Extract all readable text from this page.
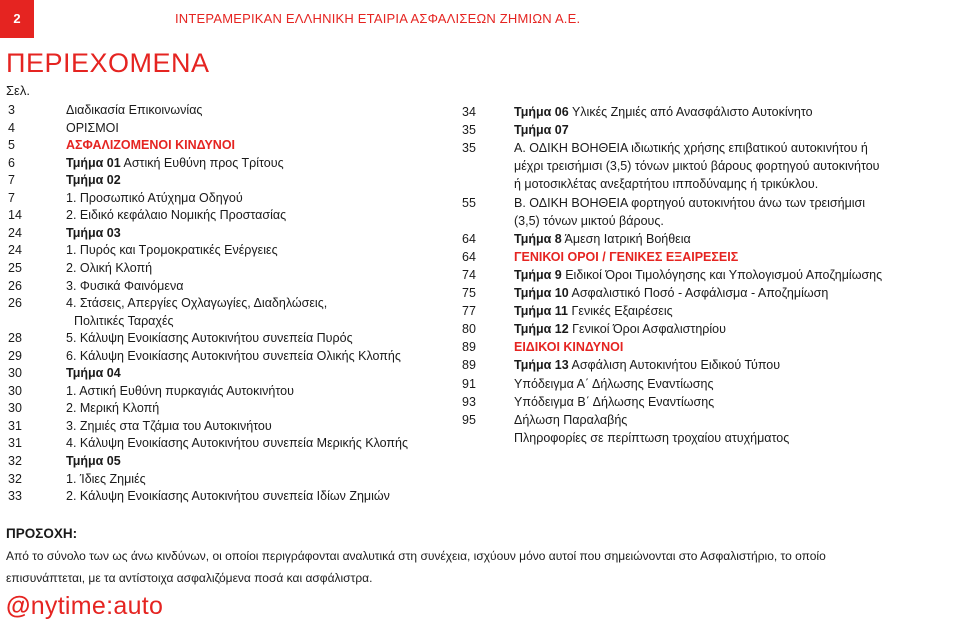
2	ΙΝΤΕΡΑΜΕΡΙΚΑΝ ΕΛΛΗΝΙΚΗ ΕΤΑΙΡΙΑ ΑΣΦΑΛΙΣΕΩΝ ΖΗΜΙΩΝ Α.Ε.
ΠΕΡΙΕΧΟΜΕΝΑ
Σελ.
3	Διαδικασία Επικοινωνίας
4	ΟΡΙΣΜΟΙ
5	ΑΣΦΑΛΙΖΟΜΕΝΟΙ ΚΙΝΔΥΝΟΙ
6	Τμήμα 01 Αστική Ευθύνη προς Τρίτους
7	Τμήμα 02
7	1. Προσωπικό Ατύχημα Οδηγού
14	2. Ειδικό κεφάλαιο Νομικής Προστασίας
24	Τμήμα 03
24	1. Πυρός και Τρομοκρατικές Ενέργειες
25	2. Ολική Κλοπή
26	3. Φυσικά Φαινόμενα
26	4. Στάσεις, Απεργίες Οχλαγωγίες, Διαδηλώσεις,
Πολιτικές Ταραχές
28	5. Κάλυψη Ενοικίασης Αυτοκινήτου συνεπεία Πυρός
29	6. Κάλυψη Ενοικίασης Αυτοκινήτου συνεπεία Ολικής Κλοπής
30	Τμήμα 04
30	1. Αστική Ευθύνη πυρκαγιάς Αυτοκινήτου
30	2. Μερική Κλοπή
31	3. Ζημιές στα Τζάμια του Αυτοκινήτου
31	4. Κάλυψη Ενοικίασης Αυτοκινήτου συνεπεία Μερικής Κλοπής
32	Τμήμα 05
32	1. Ίδιες Ζημιές
33	2. Κάλυψη Ενοικίασης Αυτοκινήτου συνεπεία Ιδίων Ζημιών
34	Τμήμα 06 Υλικές Ζημιές από Ανασφάλιστο Αυτοκίνητο
35	Τμήμα 07
35	Α. ΟΔΙΚΗ ΒΟΗΘΕΙΑ ιδιωτικής χρήσης επιβατικού αυτοκινήτου ή
μέχρι τρεισήμισι (3,5) τόνων μικτού βάρους φορτηγού αυτοκινήτου
ή μοτοσικλέτας ανεξαρτήτου ιπποδύναμης ή τρικύκλου.
55	Β. ΟΔΙΚΗ ΒΟΗΘΕΙΑ φορτηγού αυτοκινήτου άνω των τρεισήμισι
(3,5) τόνων μικτού βάρους.
64	Τμήμα 8 Άμεση Ιατρική Βοήθεια
64	ΓΕΝΙΚΟΙ ΟΡΟΙ / ΓΕΝΙΚΕΣ ΕΞΑΙΡΕΣΕΙΣ
74	Τμήμα 9 Ειδικοί Όροι Τιμολόγησης και Υπολογισμού Αποζημίωσης
75	Τμήμα 10 Ασφαλιστικό Ποσό - Ασφάλισμα - Αποζημίωση
77	Τμήμα 11 Γενικές Εξαιρέσεις
80	Τμήμα 12 Γενικοί Όροι Ασφαλιστηρίου
89	ΕΙΔΙΚΟΙ ΚΙΝΔΥΝΟΙ
89	Τμήμα 13 Ασφάλιση Αυτοκινήτου Ειδικού Τύπου
91	Υπόδειγμα Α΄ Δήλωσης Εναντίωσης
93	Υπόδειγμα Β΄ Δήλωσης Εναντίωσης
95	Δήλωση Παραλαβής
Πληροφορίες σε περίπτωση τροχαίου ατυχήματος
ΠΡΟΣΟΧΗ:
Από το σύνολο των ως άνω κινδύνων, οι οποίοι περιγράφονται αναλυτικά στη συνέχεια, ισχύουν μόνο αυτοί που σημειώνονται στο Ασφαλιστήριο, το οποίο
επισυνάπτεται, με τα αντίστοιχα ασφαλιζόμενα ποσά και ασφάλιστρα.
@nytime:auto
